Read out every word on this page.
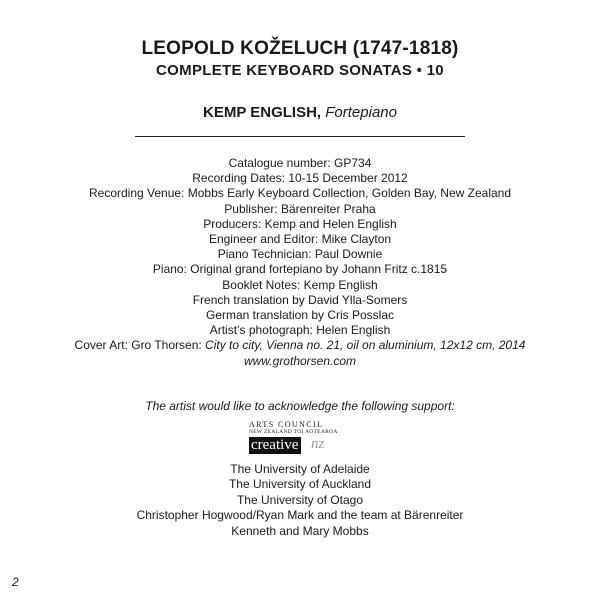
LEOPOLD KOŽELUCH (1747-1818)
COMPLETE KEYBOARD SONATAS • 10
KEMP ENGLISH, Fortepiano
Catalogue number: GP734
Recording Dates: 10-15 December 2012
Recording Venue: Mobbs Early Keyboard Collection, Golden Bay, New Zealand
Publisher: Bärenreiter Praha
Producers: Kemp and Helen English
Engineer and Editor: Mike Clayton
Piano Technician: Paul Downie
Piano: Original grand fortepiano by Johann Fritz c.1815
Booklet Notes: Kemp English
French translation by David Ylla-Somers
German translation by Cris Posslac
Artist’s photograph: Helen English
Cover Art: Gro Thorsen: City to city, Vienna no. 21, oil on aluminium, 12x12 cm, 2014
www.grothorsen.com
The artist would like to acknowledge the following support:
ARTS COUNCIL
NEW ZEALAND TOI AOTEAROA
creative nz
The University of Adelaide
The University of Auckland
The University of Otago
Christopher Hogwood/Ryan Mark and the team at Bärenreiter
Kenneth and Mary Mobbs
2
